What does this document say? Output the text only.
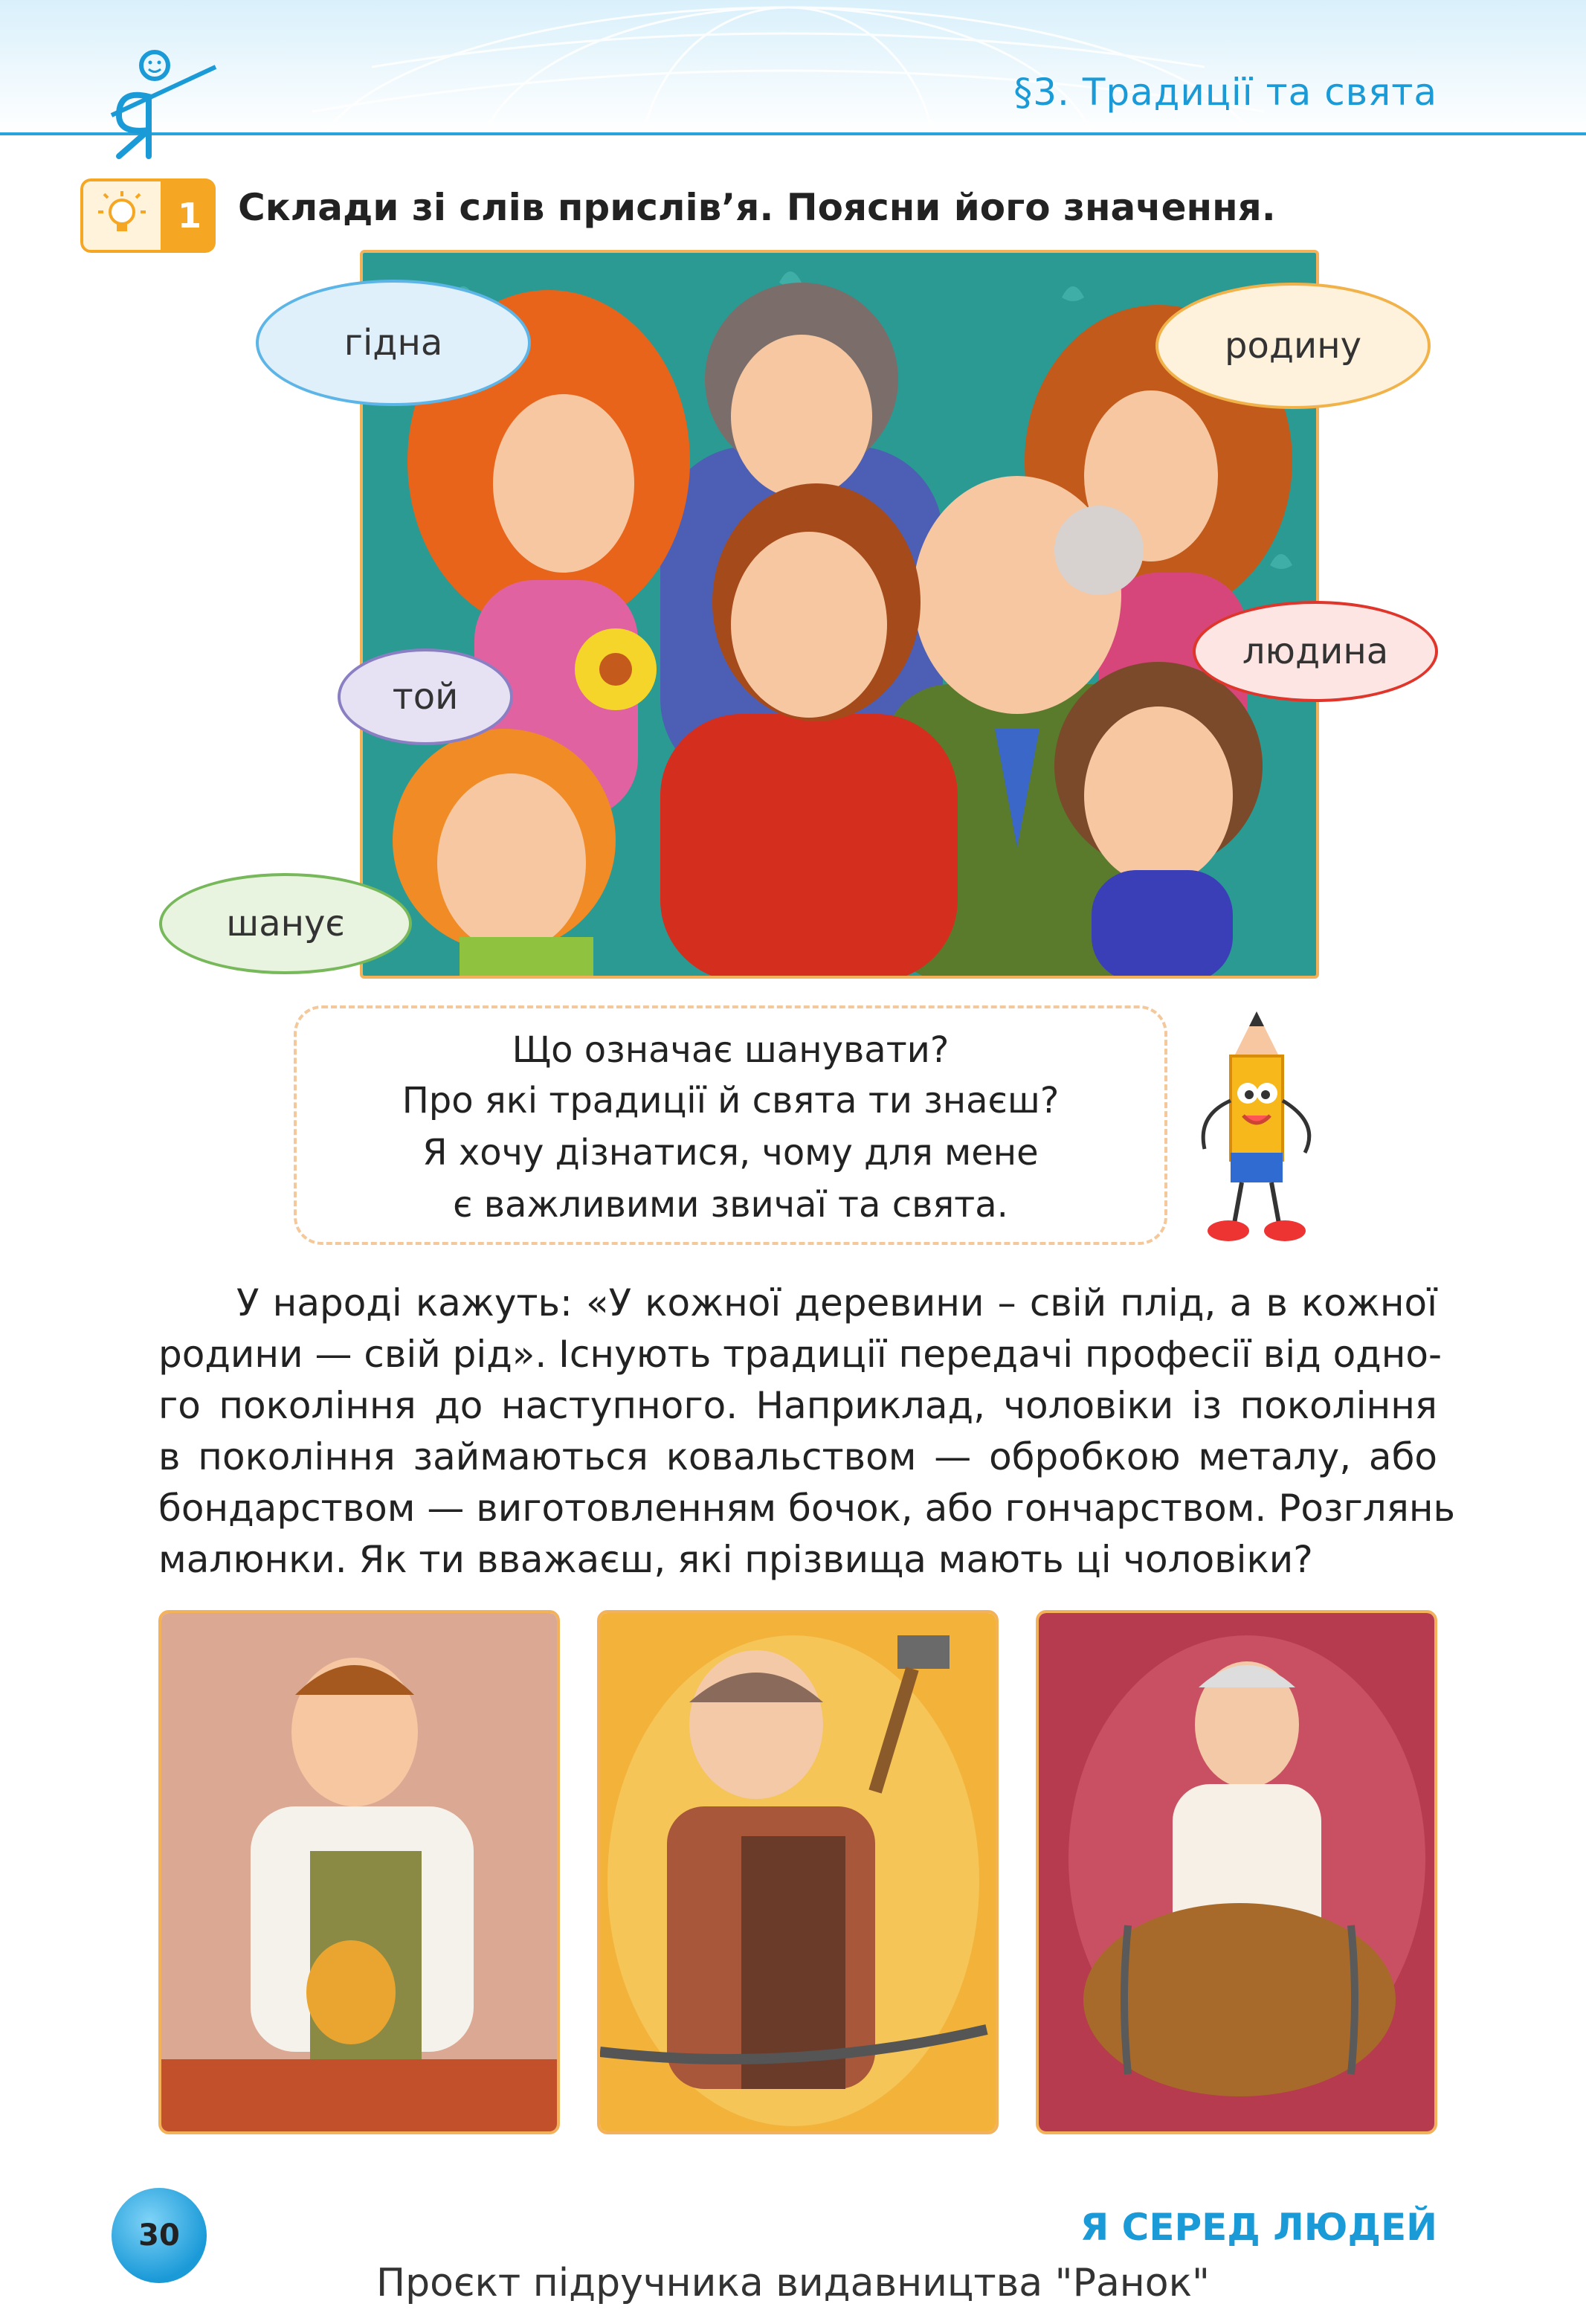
§3. Традиції та свята
1 Склади зі слів прислів’я. Поясни його значення.
гідна	родину
людина
той
шанує
Що означає шанувати?
Про які традиції й свята ти знаєш?
Я хочу дізнатися, чому для мене
є важливими звичаї та свята.
У народі кажуть: «У кожної деревини – свій плід, а в кожної
родини — свій рід». Існують традиції передачі професії від одно-
го покоління до наступного. Наприклад, чоловіки із покоління
в покоління займаються ковальством — обробкою металу, або
бондарством — виготовленням бочок, або гончарством. Розглянь
малюнки. Як ти вважаєш, які прізвища мають ці чоловіки?
30	Я СЕРЕД ЛЮДЕЙ
Проєкт підручника видавництва "Ранок"
